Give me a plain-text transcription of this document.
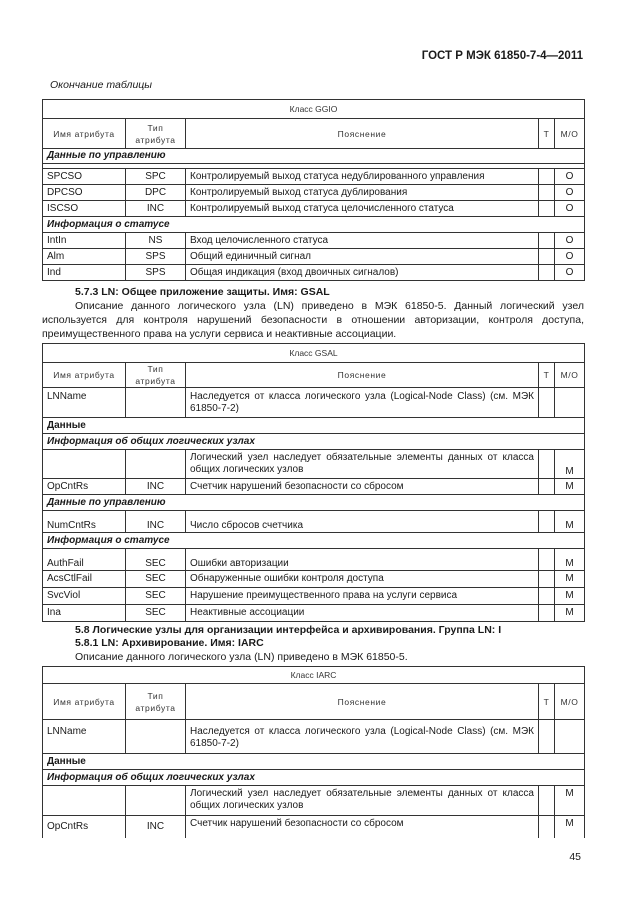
ГОСТ Р МЭК 61850-7-4—2011
Окончание таблицы
Класс GGIO				
Имя атрибута	Тип атрибута	Пояснение	T	M/O
Данные по управлению				

SPCSO	SPC	Контролируемый выход статуса недублированного управления		O
DPCSO	DPC	Контролируемый выход статуса дублирования		O
ISCSO	INC	Контролируемый выход статуса целочисленного статуса		O
Информация о статусе				
IntIn	NS	Вход целочисленного статуса		O
Alm	SPS	Общий единичный сигнал		O
Ind	SPS	Общая индикация (вход двоичных сигналов)		O
5.7.3 LN: Общее приложение защиты. Имя: GSAL
Описание данного логического узла (LN) приведено в МЭК 61850-5. Данный логический узел используется для контроля нарушений безопасности в отношении авторизации, контроля доступа, преимущественного права на услуги сервиса и неактивные ассоциации.
Класс GSAL				
Имя атрибута	Тип атрибута	Пояснение	T	M/O
LNName		Наследуется от класса логического узла (Logical-Node Class) (см. МЭК 61850-7-2)		
Данные				
Информация об общих логических узлах				
		Логический узел наследует обязательные элементы данных от класса общих логических узлов		M
OpCntRs	INC	Счетчик нарушений безопасности со сбросом		M
Данные по управлению				
NumCntRs	INC	Число сбросов счетчика		M
Информация о статусе				
AuthFail	SEC	Ошибки авторизации		M
AcsCtlFail	SEC	Обнаруженные ошибки контроля доступа		M
SvcViol	SEC	Нарушение преимущественного права на услуги сервиса		M
Ina	SEC	Неактивные ассоциации		M
5.8 Логические узлы для организации интерфейса и архивирования. Группа LN: I
5.8.1 LN: Архивирование. Имя: IARC
Описание данного логического узла (LN) приведено в МЭК 61850-5.
Класс IARC				
Имя атрибута	Тип атрибута	Пояснение	T	M/O
LNName		Наследуется от класса логического узла (Logical-Node Class) (см. МЭК 61850-7-2)		
Данные				
Информация об общих логических узлах				
		Логический узел наследует обязательные элементы данных от класса общих логических узлов		M
OpCntRs	INC	Счетчик нарушений безопасности со сбросом		M
45
